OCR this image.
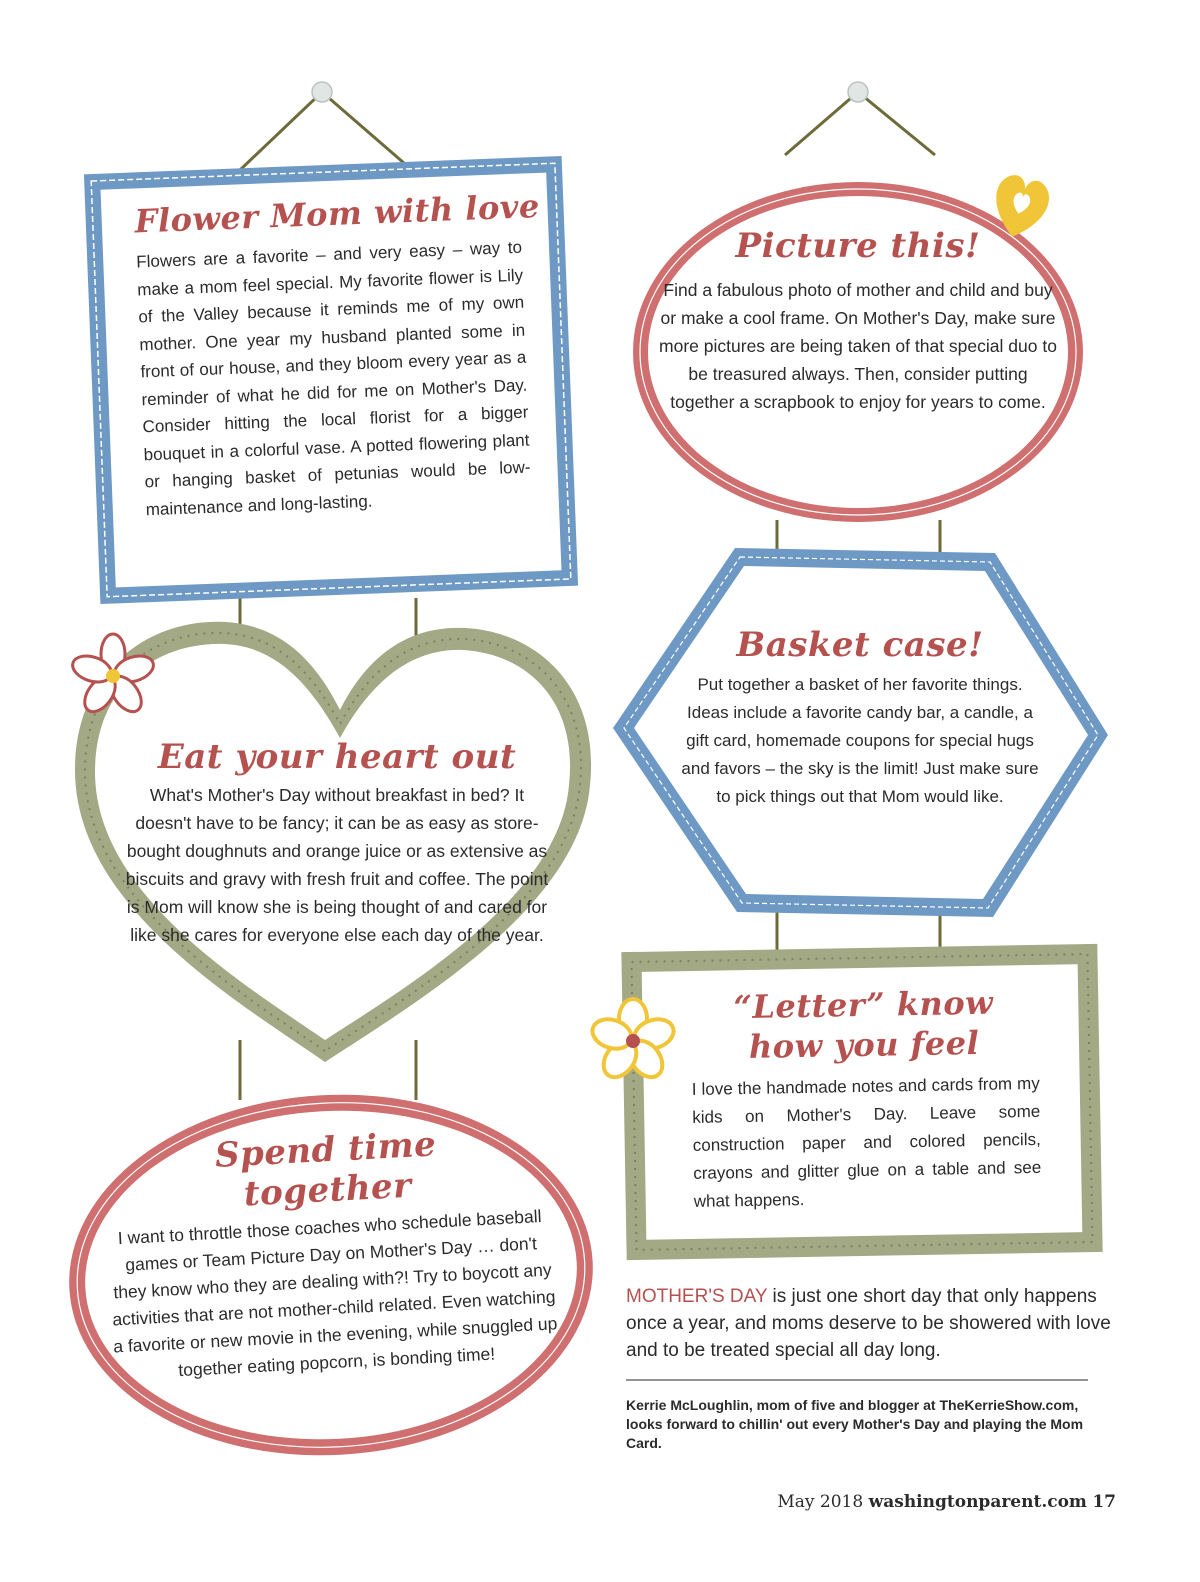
Flower Mom with love
Flowers are a favorite – and very easy – way to make a mom feel special. My favorite flower is Lily of the Valley because it reminds me of my own mother. One year my husband planted some in front of our house, and they bloom every year as a reminder of what he did for me on Mother's Day. Consider hitting the local florist for a bigger bouquet in a colorful vase. A potted flowering plant or hanging basket of petunias would be low-maintenance and long-lasting.
Picture this!
Find a fabulous photo of mother and child and buy or make a cool frame. On Mother's Day, make sure more pictures are being taken of that special duo to be treasured always. Then, consider putting together a scrapbook to enjoy for years to come.
Eat your heart out
What's Mother's Day without breakfast in bed? It doesn't have to be fancy; it can be as easy as store-bought doughnuts and orange juice or as extensive as biscuits and gravy with fresh fruit and coffee. The point is Mom will know she is being thought of and cared for like she cares for everyone else each day of the year.
Basket case!
Put together a basket of her favorite things. Ideas include a favorite candy bar, a candle, a gift card, homemade coupons for special hugs and favors – the sky is the limit! Just make sure to pick things out that Mom would like.
“Letter” know how you feel
I love the handmade notes and cards from my kids on Mother's Day. Leave some construction paper and colored pencils, crayons and glitter glue on a table and see what happens.
Spend time together
I want to throttle those coaches who schedule baseball games or Team Picture Day on Mother's Day … don't they know who they are dealing with?! Try to boycott any activities that are not mother-child related. Even watching a favorite or new movie in the evening, while snuggled up together eating popcorn, is bonding time!
MOTHER'S DAY is just one short day that only happens once a year, and moms deserve to be showered with love and to be treated special all day long.
Kerrie McLoughlin, mom of five and blogger at TheKerrieShow.com, looks forward to chillin' out every Mother's Day and playing the Mom Card.
May 2018 washingtonparent.com 17
